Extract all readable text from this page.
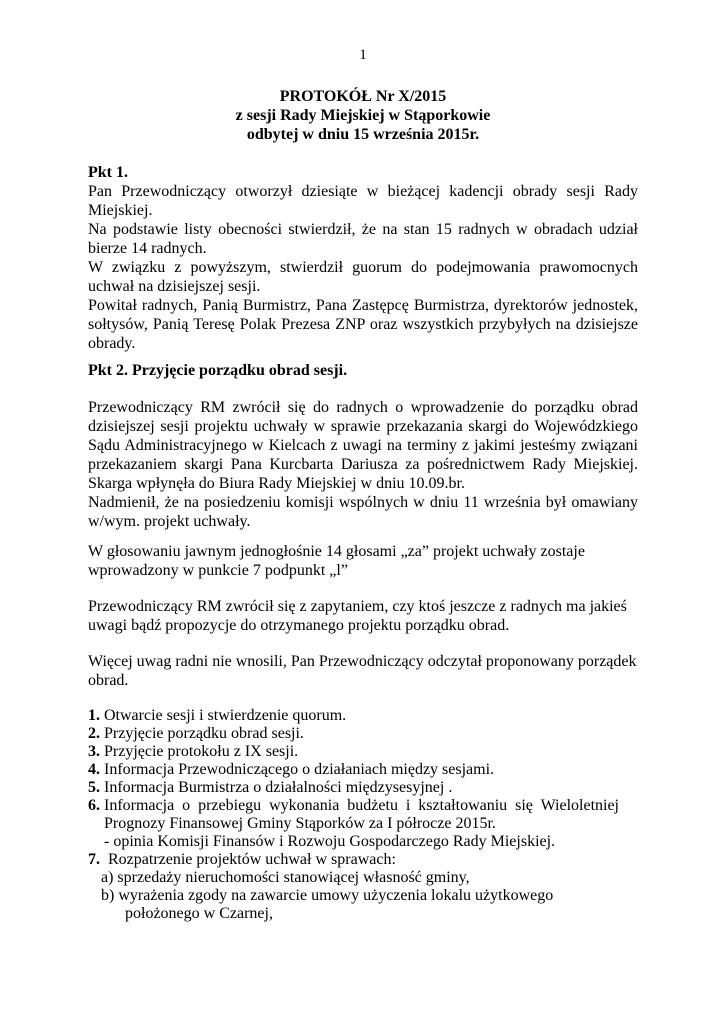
1
PROTOKÓŁ Nr X/2015
z sesji Rady Miejskiej w Stąporkowie
odbytej w dniu 15 września 2015r.
Pkt 1.
Pan Przewodniczący otworzył dziesiąte w bieżącej kadencji obrady sesji Rady
Miejskiej.
Na podstawie listy obecności stwierdził, że na stan 15 radnych w obradach udział
bierze 14 radnych.
W związku z powyższym, stwierdził guorum do podejmowania prawomocnych
uchwał na dzisiejszej sesji.
Powitał radnych, Panią Burmistrz, Pana Zastępcę Burmistrza, dyrektorów jednostek,
sołtysów, Panią Teresę Polak Prezesa ZNP oraz wszystkich przybyłych na dzisiejsze
obrady.
Pkt 2. Przyjęcie porządku obrad sesji.
Przewodniczący RM zwrócił się do radnych o wprowadzenie do porządku obrad
dzisiejszej sesji projektu uchwały w sprawie przekazania skargi do Wojewódzkiego
Sądu Administracyjnego w Kielcach z uwagi na terminy z jakimi jesteśmy związani
przekazaniem skargi Pana Kurcbarta Dariusza za pośrednictwem Rady Miejskiej.
Skarga wpłynęła do Biura Rady Miejskiej w dniu 10.09.br.
Nadmienił, że na posiedzeniu komisji wspólnych w dniu 11 września był omawiany
w/wym. projekt uchwały.
W głosowaniu jawnym jednogłośnie 14 głosami „za” projekt uchwały zostaje
wprowadzony w punkcie 7 podpunkt „l”
Przewodniczący RM zwrócił się z zapytaniem, czy ktoś jeszcze z radnych ma jakieś
uwagi bądź propozycje do otrzymanego projektu porządku obrad.
Więcej uwag radni nie wnosili, Pan Przewodniczący odczytał proponowany porządek
obrad.
1. Otwarcie sesji i stwierdzenie quorum.
2. Przyjęcie porządku obrad sesji.
3. Przyjęcie protokołu z IX sesji.
4. Informacja Przewodniczącego o działaniach między sesjami.
5. Informacja Burmistrza o działalności międzysesyjnej .
6. Informacja o przebiegu wykonania budżetu i kształtowaniu się Wieloletniej
Prognozy Finansowej Gminy Stąporków za I półrocze 2015r.
- opinia Komisji Finansów i Rozwoju Gospodarczego Rady Miejskiej.
7. Rozpatrzenie projektów uchwał w sprawach:
a) sprzedaży nieruchomości stanowiącej własność gminy,
b) wyrażenia zgody na zawarcie umowy użyczenia lokalu użytkowego
położonego w Czarnej,
